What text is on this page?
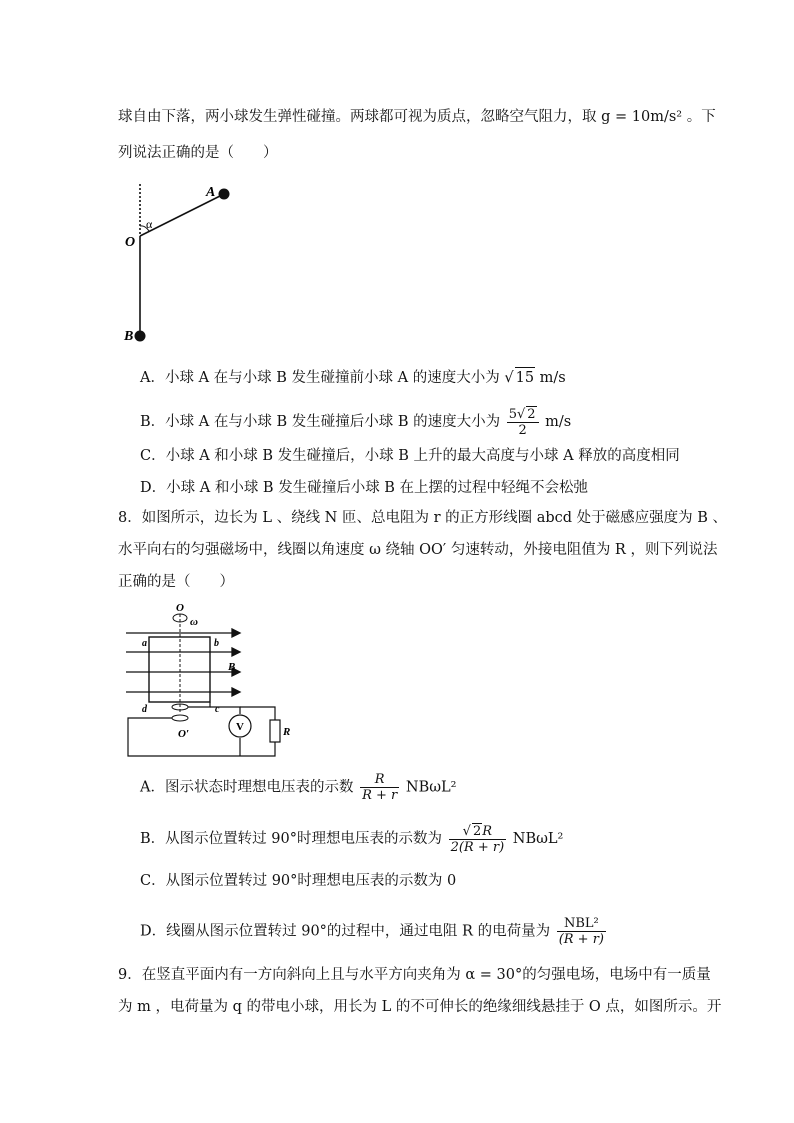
球自由下落，两小球发生弹性碰撞。两球都可视为质点，忽略空气阻力，取 g = 10m/s² 。下
列说法正确的是（　　）
A
α
O
B
A．小球 A 在与小球 B 发生碰撞前小球 A 的速度大小为 √ 15 m/s
B．小球 A 在与小球 B 发生碰撞后小球 B 的速度大小为 $\frac{5√ 2}{2} m/s$
C．小球 A 和小球 B 发生碰撞后，小球 B 上升的最大高度与小球 A 释放的高度相同
D．小球 A 和小球 B 发生碰撞后小球 B 在上摆的过程中轻绳不会松弛
8．如图所示，边长为 L 、绕线 N 匝、总电阻为 r 的正方形线圈 abcd 处于磁感应强度为 B 、
水平向右的匀强磁场中，线圈以角速度 ω 绕轴 OO′ 匀速转动，外接电阻值为 R ，则下列说法
正确的是（　　）
O
ω
a	b
B
d	c
O′
V	R
A．图示状态时理想电压表的示数 $\frac{R}{R + r} NB\omega L^2$
B．从图示位置转过 90°时理想电压表的示数为 $\frac{√ 2R}{2(R + r)} NB\omega L^2$
C．从图示位置转过 90°时理想电压表的示数为 0
D．线圈从图示位置转过 90°的过程中，通过电阻 R 的电荷量为 $\frac{\text{NBL²}}{(R + r)}$
9．在竖直平面内有一方向斜向上且与水平方向夹角为 α = 30°的匀强电场，电场中有一质量
为 m ，电荷量为 q 的带电小球，用长为 L 的不可伸长的绝缘细线悬挂于 O 点，如图所示。开
